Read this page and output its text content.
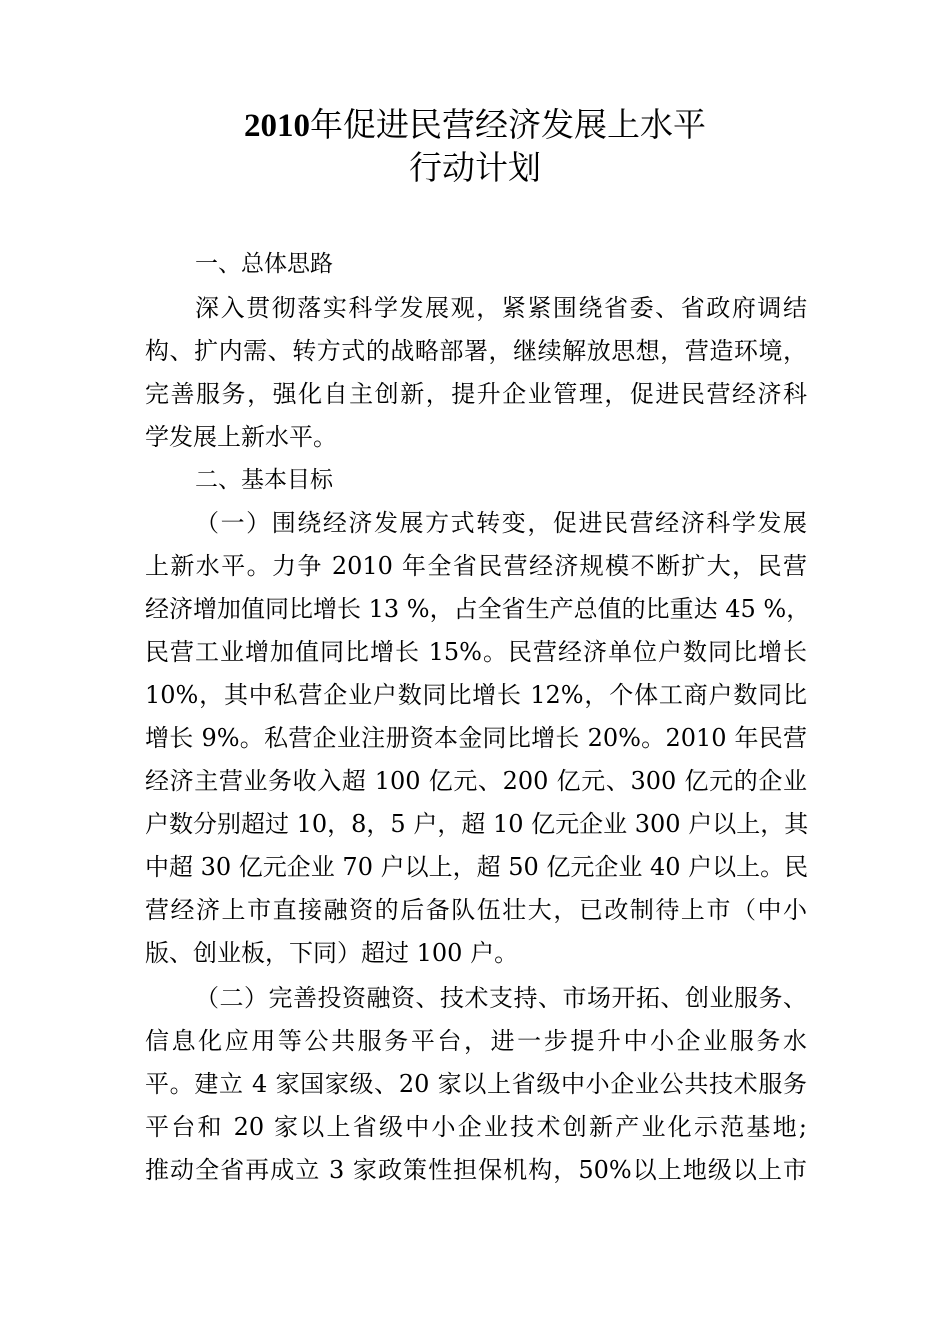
2010年促进民营经济发展上水平
行动计划
一、总体思路
深入贯彻落实科学发展观，紧紧围绕省委、省政府调结
构、扩内需、转方式的战略部署，继续解放思想，营造环境，
完善服务，强化自主创新，提升企业管理，促进民营经济科
学发展上新水平。
二、基本目标
（一）围绕经济发展方式转变，促进民营经济科学发展
上新水平。力争 2010 年全省民营经济规模不断扩大，民营
经济增加值同比增长 13 %，占全省生产总值的比重达 45 %，
民营工业增加值同比增长 15%。民营经济单位户数同比增长
10%，其中私营企业户数同比增长 12%，个体工商户数同比
增长 9%。私营企业注册资本金同比增长 20%。2010 年民营
经济主营业务收入超 100 亿元、200 亿元、300 亿元的企业
户数分别超过 10，8，5 户，超 10 亿元企业 300 户以上，其
中超 30 亿元企业 70 户以上，超 50 亿元企业 40 户以上。民
营经济上市直接融资的后备队伍壮大，已改制待上市（中小
版、创业板，下同）超过 100 户。
（二）完善投资融资、技术支持、市场开拓、创业服务、
信息化应用等公共服务平台，进一步提升中小企业服务水
平。建立 4 家国家级、20 家以上省级中小企业公共技术服务
平台和 20 家以上省级中小企业技术创新产业化示范基地;
推动全省再成立 3 家政策性担保机构，50%以上地级以上市
